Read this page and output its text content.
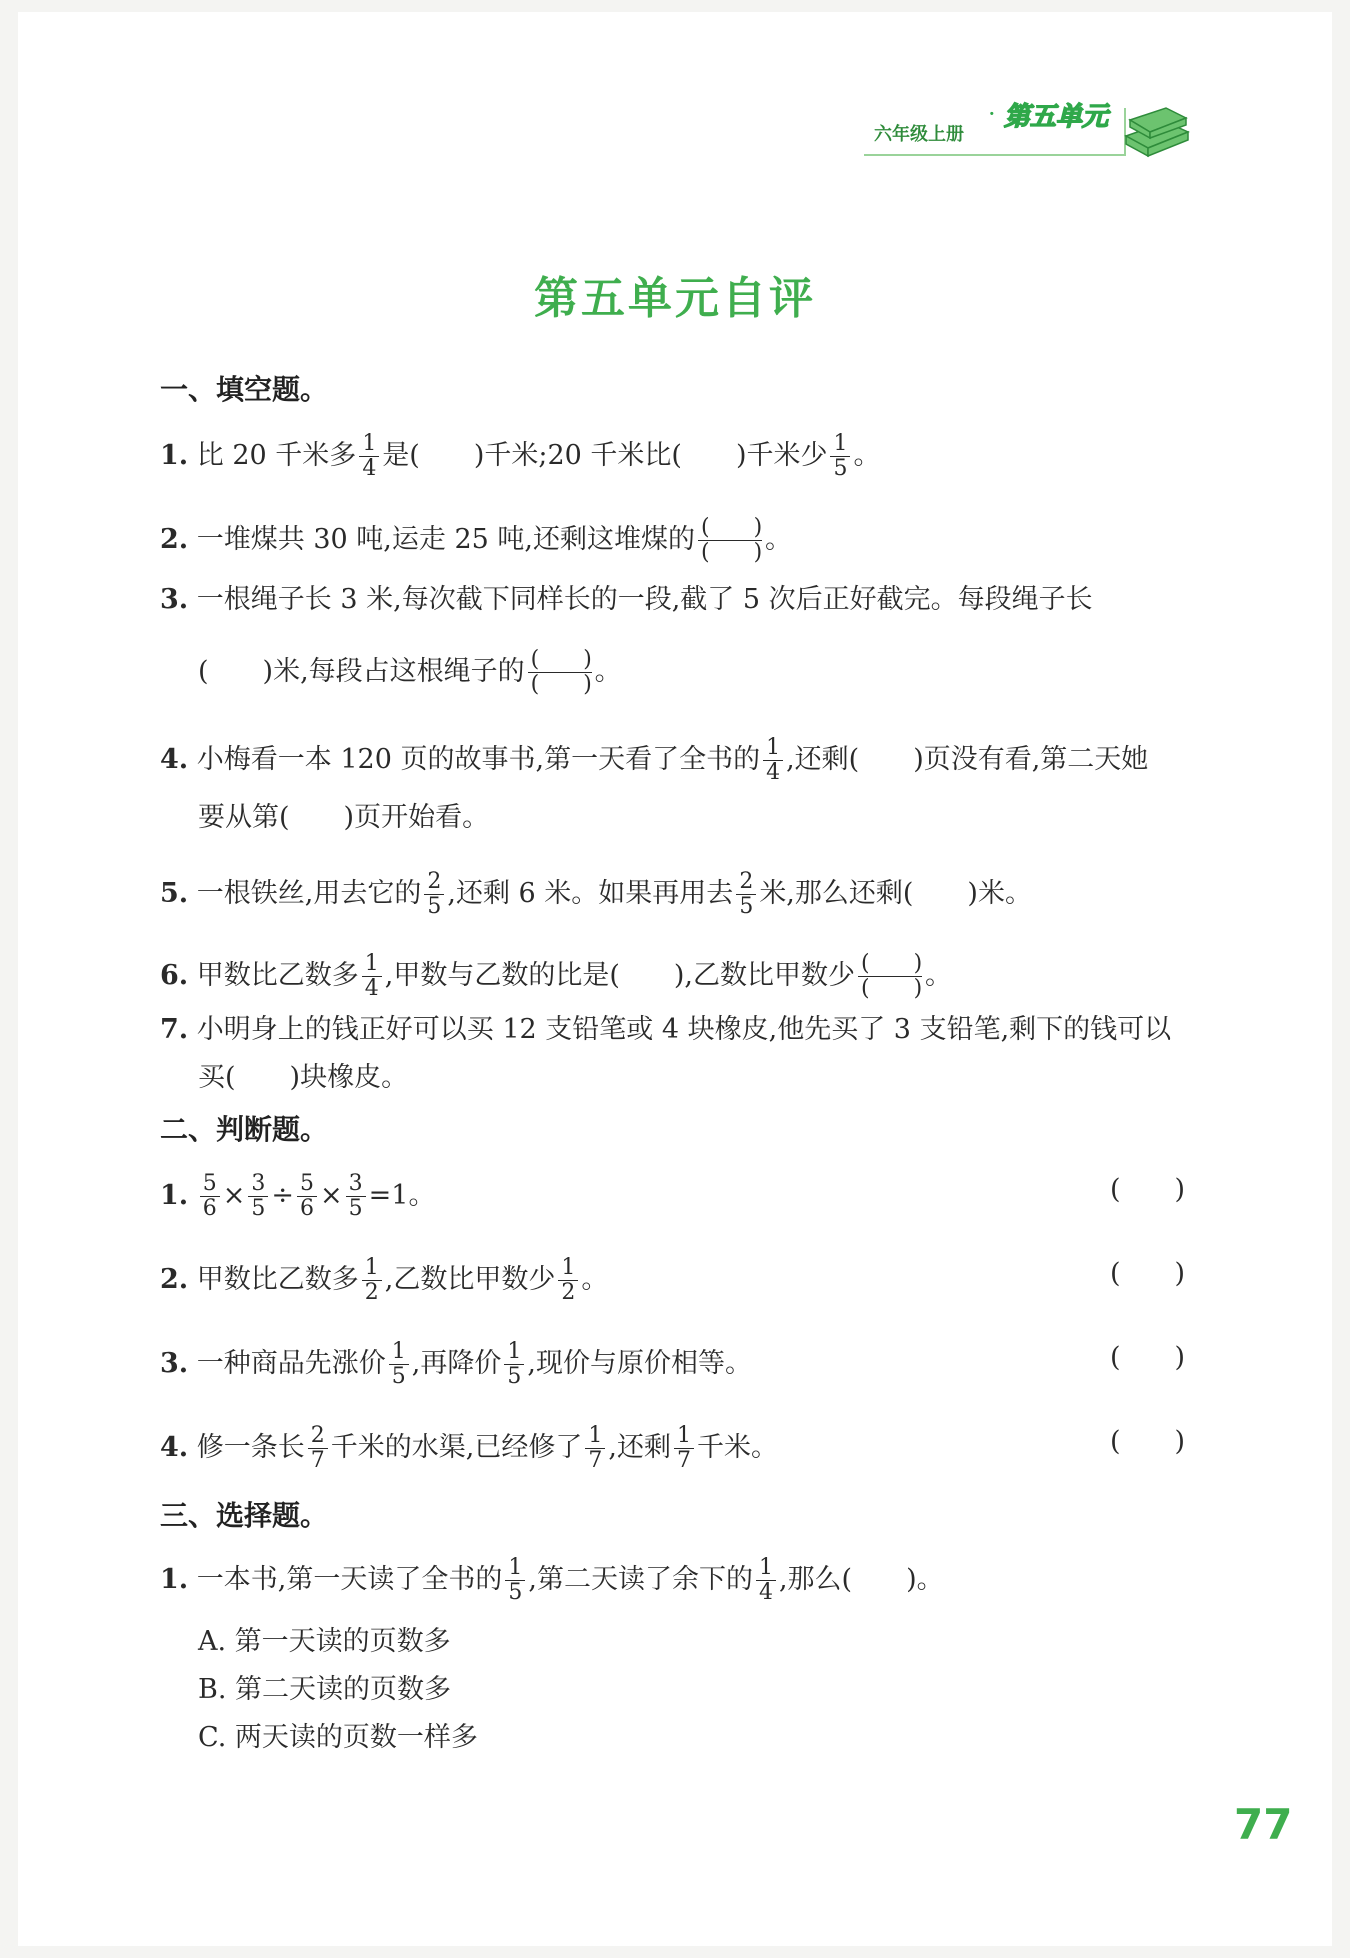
六年级上册
· 第五单元
第五单元自评
一、填空题。
1. 比 20 千米多 $\frac{1}{4}$ 是(　　)千米;20 千米比(　　)千米少 $\frac{1}{5}$ 。
2. 一堆煤共 30 吨,运走 25 吨,还剩这堆煤的 $\frac{( )}{( )}$ 。
3. 一根绳子长 3 米,每次截下同样长的一段,截了 5 次后正好截完。每段绳子长
(　　)米,每段占这根绳子的 $\frac{( )}{( )}$ 。
4. 小梅看一本 120 页的故事书,第一天看了全书的 $\frac{1}{4}$ ,还剩(　　)页没有看,第二天她
要从第(　　)页开始看。
5. 一根铁丝,用去它的 $\frac{2}{5}$ ,还剩 6 米。如果再用去 $\frac{2}{5}$ 米,那么还剩(　　)米。
6. 甲数比乙数多 $\frac{1}{4}$ ,甲数与乙数的比是(　　),乙数比甲数少 $\frac{( )}{( )}$ 。
7. 小明身上的钱正好可以买 12 支铅笔或 4 块橡皮,他先买了 3 支铅笔,剩下的钱可以
买(　　)块橡皮。
二、判断题。
1. $\frac{5}{6} \times \frac{3}{5} \div \frac{5}{6} \times \frac{3}{5} =1$。	(　　)
2. 甲数比乙数多 $\frac{1}{2}$ ,乙数比甲数少 $\frac{1}{2}$ 。	(　　)
3. 一种商品先涨价 $\frac{1}{5}$ ,再降价 $\frac{1}{5}$ ,现价与原价相等。	(　　)
4. 修一条长 $\frac{2}{7}$ 千米的水渠,已经修了 $\frac{1}{7}$ ,还剩 $\frac{1}{7}$ 千米。	(　　)
三、选择题。
1. 一本书,第一天读了全书的 $\frac{1}{5}$ ,第二天读了余下的 $\frac{1}{4}$ ,那么(　　)。
A. 第一天读的页数多
B. 第二天读的页数多
C. 两天读的页数一样多
77
